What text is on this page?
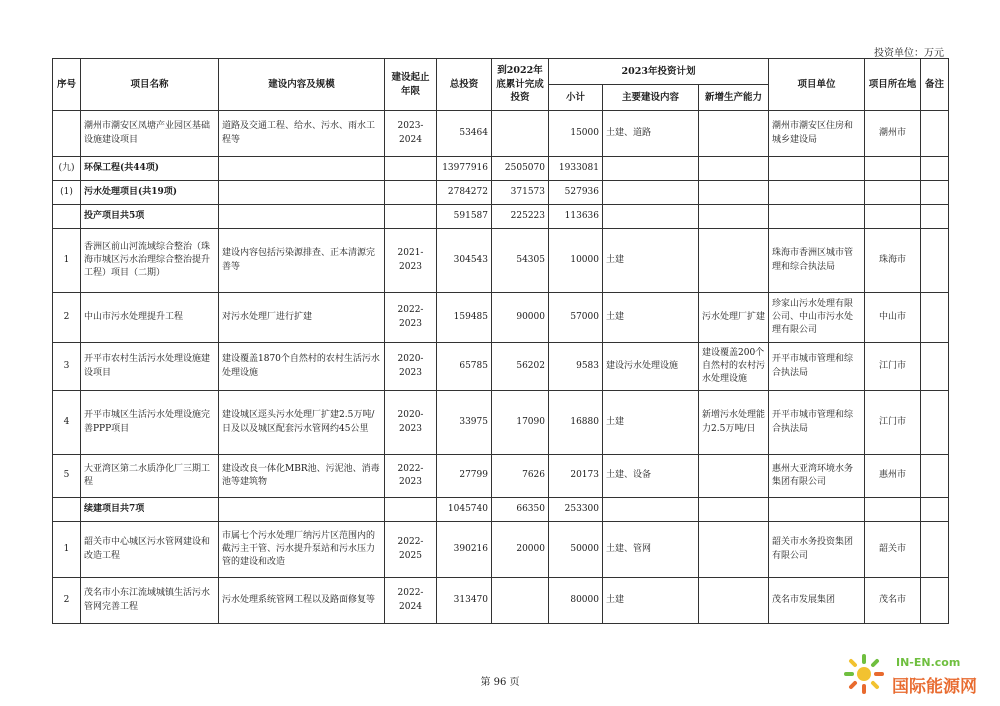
投资单位：万元
序号	项目名称	建设内容及规模	建设起止年限	总投资	到2022年底累计完成投资	2023年投资计划			项目单位	项目所在地	备注
						小计	主要建设内容	新增生产能力			
	潮州市潮安区凤塘产业园区基础设施建设项目	道路及交通工程、给水、污水、雨水工程等	2023-2024	53464		15000	土建、道路		潮州市潮安区住房和城乡建设局	潮州市	
(九)	环保工程(共44项)			13977916	2505070	1933081					
(1)	污水处理项目(共19项)			2784272	371573	527936					
	投产项目共5项			591587	225223	113636					
1	香洲区前山河流域综合整治（珠海市城区污水治理综合整治提升工程）项目（二期）	建设内容包括污染源排查、正本清源完善等	2021-2023	304543	54305	10000	土建		珠海市香洲区城市管理和综合执法局	珠海市	
2	中山市污水处理提升工程	对污水处理厂进行扩建	2022-2023	159485	90000	57000	土建	污水处理厂扩建	珍家山污水处理有限公司、中山市污水处理有限公司	中山市	
3	开平市农村生活污水处理设施建设项目	建设覆盖1870个自然村的农村生活污水处理设施	2020-2023	65785	56202	9583	建设污水处理设施	建设覆盖200个自然村的农村污水处理设施	开平市城市管理和综合执法局	江门市	
4	开平市城区生活污水处理设施完善PPP项目	建设城区逕头污水处理厂扩建2.5万吨/日及以及城区配套污水管网约45公里	2020-2023	33975	17090	16880	土建	新增污水处理能力2.5万吨/日	开平市城市管理和综合执法局	江门市	
5	大亚湾区第二水质净化厂三期工程	建设改良一体化MBR池、污泥池、消毒池等建筑物	2022-2023	27799	7626	20173	土建、设备		惠州大亚湾环境水务集团有限公司	惠州市	
	续建项目共7项			1045740	66350	253300					
1	韶关市中心城区污水管网建设和改造工程	市属七个污水处理厂纳污片区范围内的截污主干管、污水提升泵站和污水压力管的建设和改造	2022-2025	390216	20000	50000	土建、管网		韶关市水务投资集团有限公司	韶关市	
2	茂名市小东江流域城镇生活污水管网完善工程	污水处理系统管网工程以及路面修复等	2022-2024	313470		80000	土建		茂名市发展集团	茂名市	
第 96 页
IN-EN.com
国际能源网
